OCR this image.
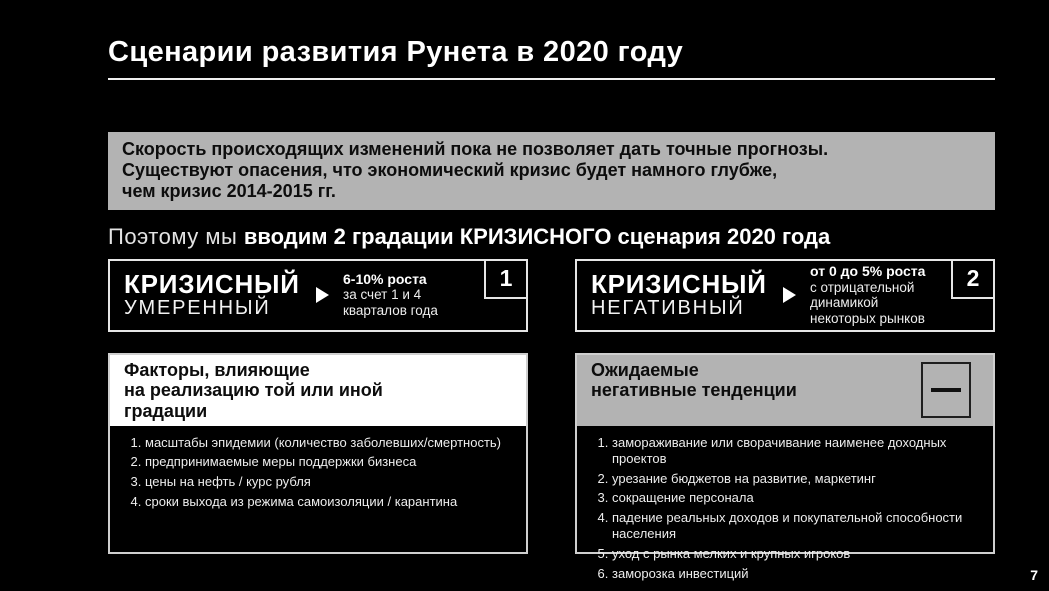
Сценарии развития Рунета в 2020 году
Скорость происходящих изменений пока не позволяет дать точные прогнозы.
Существуют опасения, что экономический кризис будет намного глубже,
чем кризис 2014-2015 гг.
Поэтому мы вводим 2 градации КРИЗИСНОГО сценария 2020 года
КРИЗИСНЫЙ
УМЕРЕННЫЙ
6-10% роста
за счет 1 и 4
кварталов года
1	КРИЗИСНЫЙ
НЕГАТИВНЫЙ
от 0 до 5% роста
с отрицательной
динамикой
некоторых рынков
2
Факторы, влияющие
на реализацию той или иной
градации
1. масштабы эпидемии (количество заболевших/смертность)
2. предпринимаемые меры поддержки бизнеса
3. цены на нефть / курс рубля
4. сроки выхода из режима самоизоляции / карантина
Ожидаемые
негативные тенденции
1. замораживание или сворачивание наименее доходных проектов
2. урезание бюджетов на развитие, маркетинг
3. сокращение персонала
4. падение реальных доходов и покупательной способности населения
5. уход с рынка мелких и крупных игроков
6. заморозка инвестиций	7
